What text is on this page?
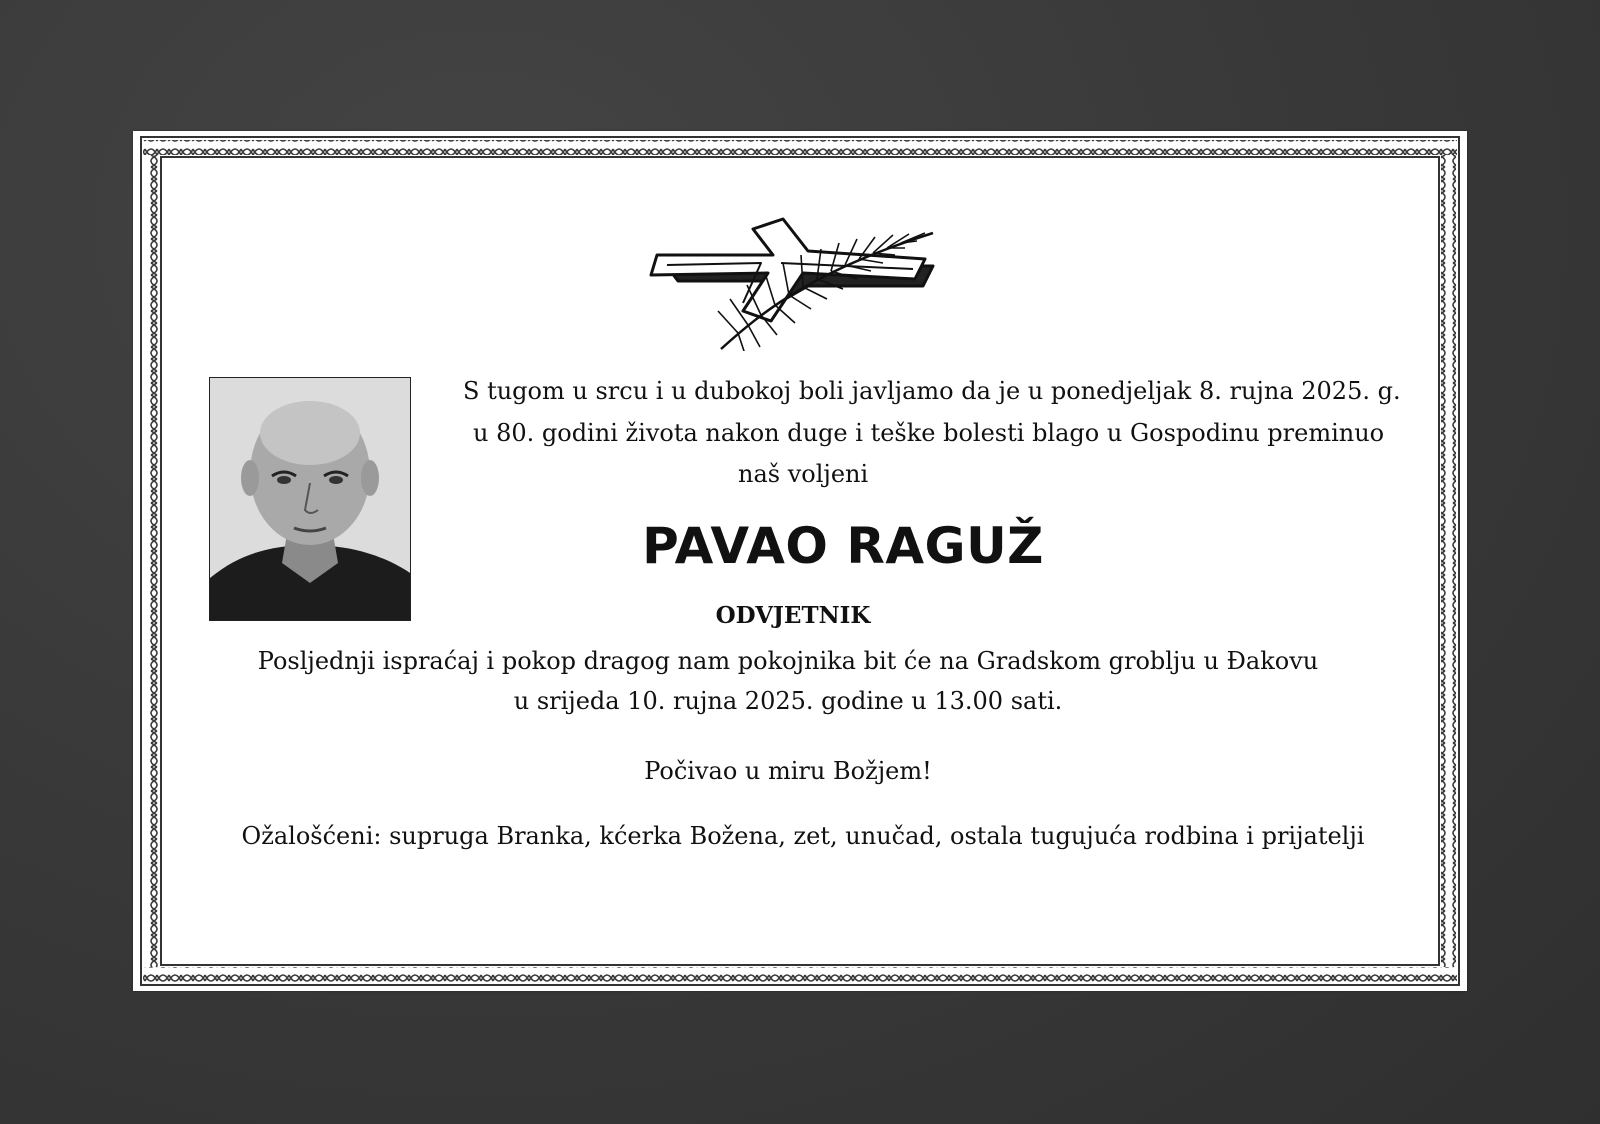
S tugom u srcu i u dubokoj boli javljamo da je u ponedjeljak 8. rujna 2025. g.
u 80. godini života nakon duge i teške bolesti blago u Gospodinu preminuo
naš voljeni
PAVAO RAGUŽ
ODVJETNIK
Posljednji ispraćaj i pokop dragog nam pokojnika bit će na Gradskom groblju u Đakovu
u srijeda 10. rujna 2025. godine u 13.00 sati.
Počivao u miru Božjem!
Ožalošćeni: supruga Branka, kćerka Božena, zet, unučad, ostala tugujuća rodbina i prijatelji
